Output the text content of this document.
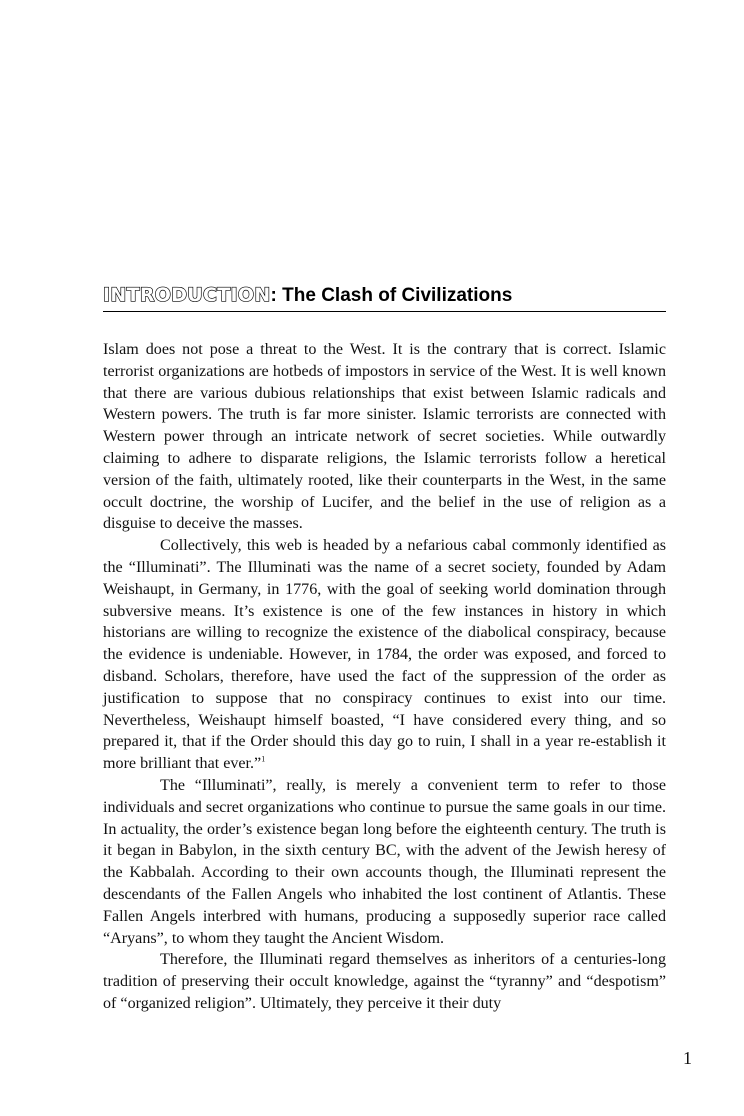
INTRODUCTION: The Clash of Civilizations

Islam does not pose a threat to the West. It is the contrary that is correct. Islamic terrorist organizations are hotbeds of impostors in service of the West. It is well known that there are various dubious relationships that exist between Islamic radicals and Western powers. The truth is far more sinister. Islamic terrorists are connected with Western power through an intricate network of secret societies. While outwardly claiming to adhere to disparate religions, the Islamic terrorists follow a heretical version of the faith, ultimately rooted, like their counterparts in the West, in the same occult doctrine, the worship of Lucifer, and the belief in the use of religion as a disguise to deceive the masses.

Collectively, this web is headed by a nefarious cabal commonly identified as the “Illuminati”. The Illuminati was the name of a secret society, founded by Adam Weishaupt, in Germany, in 1776, with the goal of seeking world domination through subversive means. It’s existence is one of the few instances in history in which historians are willing to recognize the existence of the diabolical conspiracy, because the evidence is undeniable. However, in 1784, the order was exposed, and forced to disband. Scholars, therefore, have used the fact of the suppression of the order as justification to suppose that no conspiracy continues to exist into our time. Nevertheless, Weishaupt himself boasted, “I have considered every thing, and so prepared it, that if the Order should this day go to ruin, I shall in a year re-establish it more brilliant that ever.”$^1$

The “Illuminati”, really, is merely a convenient term to refer to those individuals and secret organizations who continue to pursue the same goals in our time. In actuality, the order’s existence began long before the eighteenth century. The truth is it began in Babylon, in the sixth century BC, with the advent of the Jewish heresy of the Kabbalah. According to their own accounts though, the Illuminati represent the descendants of the Fallen Angels who inhabited the lost continent of Atlantis. These Fallen Angels interbred with humans, producing a supposedly superior race called “Aryans”, to whom they taught the Ancient Wisdom.

Therefore, the Illuminati regard themselves as inheritors of a centuries-long tradition of preserving their occult knowledge, against the “tyranny” and “despotism” of “organized religion”. Ultimately, they perceive it their duty

1
